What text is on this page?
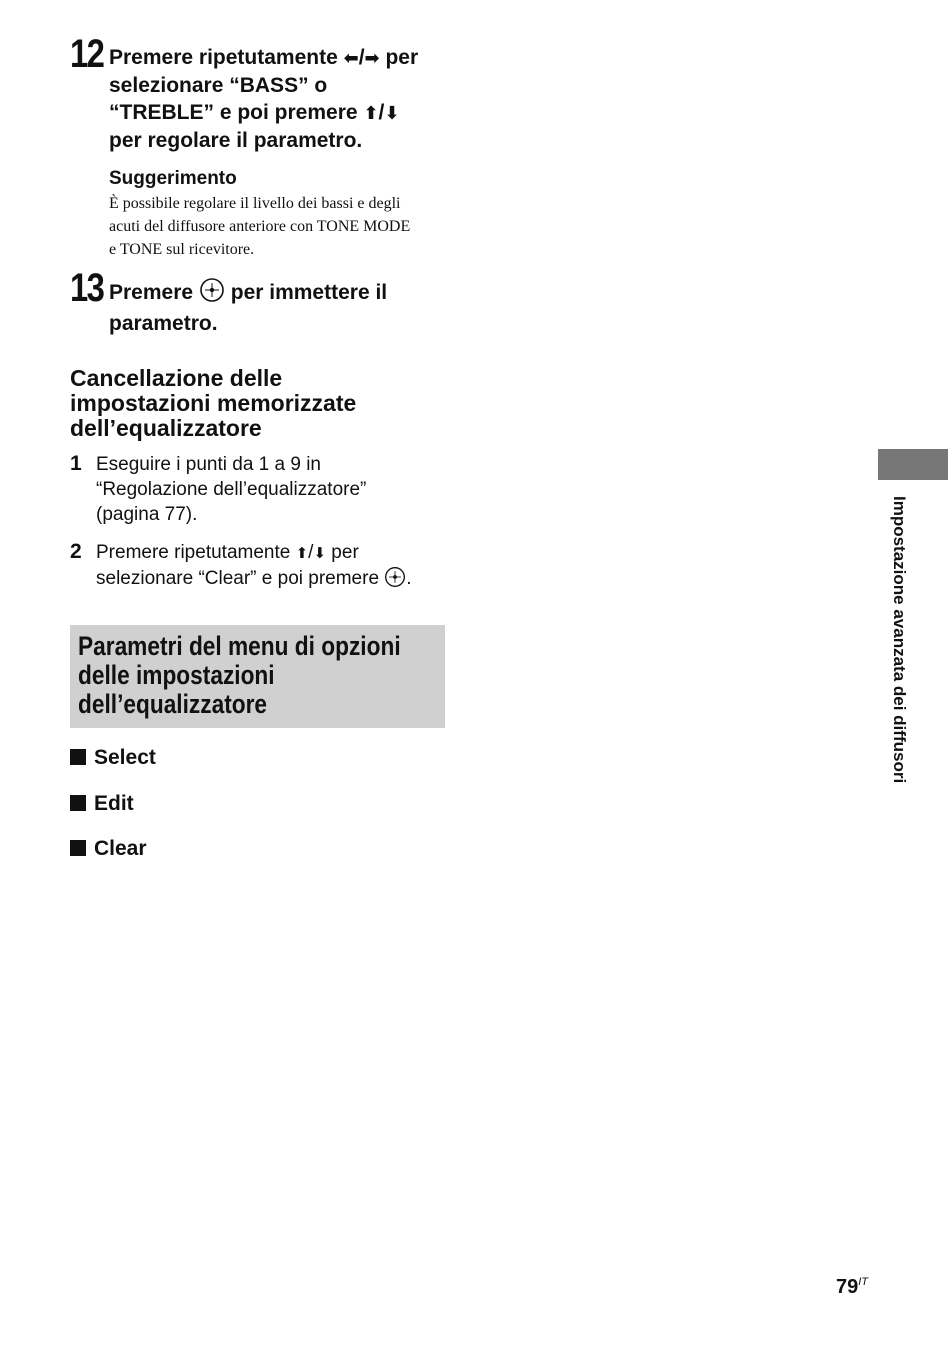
12 Premere ripetutamente ⬅/➡ per
selezionare “BASS” o
“TREBLE” e poi premere ⬆/⬇
per regolare il parametro.
Suggerimento
È possibile regolare il livello dei bassi e degli
acuti del diffusore anteriore con TONE MODE
e TONE sul ricevitore.
13 Premere  per immettere il
parametro.
Cancellazione delle
impostazioni memorizzate
dell’equalizzatore
1 Eseguire i punti da 1 a 9 in
“Regolazione dell’equalizzatore”
(pagina 77).
2 Premere ripetutamente ⬆/⬇ per
selezionare “Clear” e poi premere .
Parametri del menu di opzioni
delle impostazioni
dell’equalizzatore
Select
Edit
Clear
Impostazione avanzata dei diffusori
$79^{IT}$
